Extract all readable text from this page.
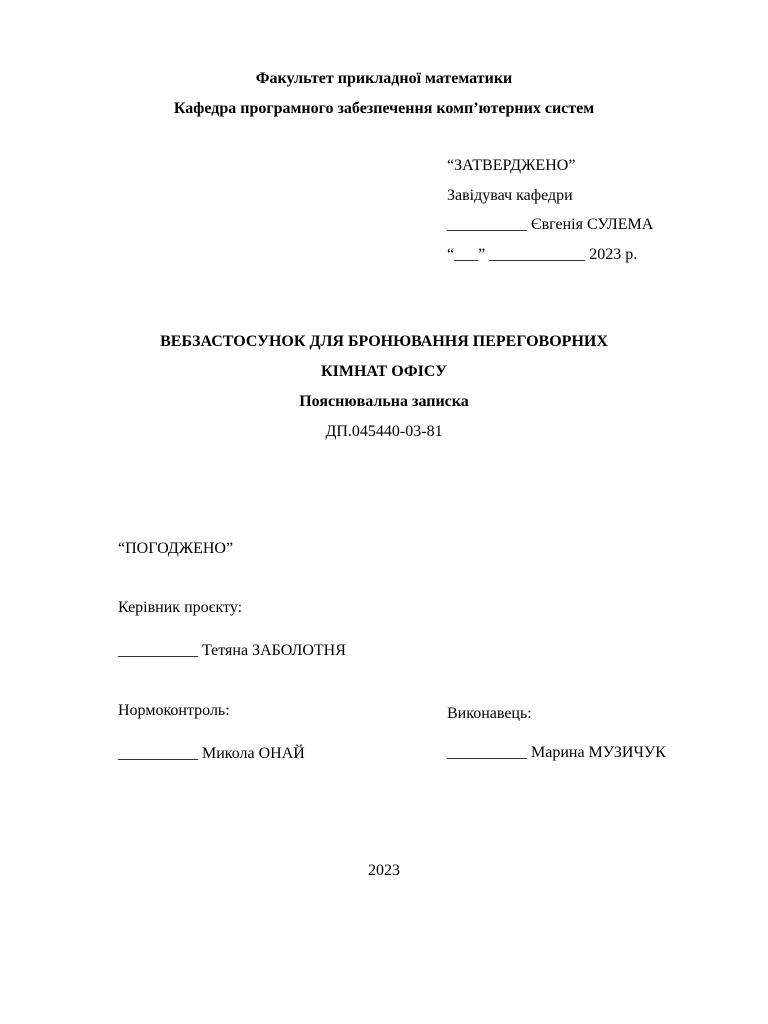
Факультет прикладної математики
Кафедра програмного забезпечення комп’ютерних систем
“ЗАТВЕРДЖЕНО”
Завідувач кафедри
__________ Євгенія СУЛЕМА
“___” ____________ 2023 р.
ВЕБЗАСТОСУНОК ДЛЯ БРОНЮВАННЯ ПЕРЕГОВОРНИХ
КІМНАТ ОФІСУ
Пояснювальна записка
ДП.045440-03-81
“ПОГОДЖЕНО”
Керівник проєкту:
__________ Тетяна ЗАБОЛОТНЯ
Нормоконтроль:
__________ Микола ОНАЙ
Виконавець:
__________ Марина МУЗИЧУК
2023
